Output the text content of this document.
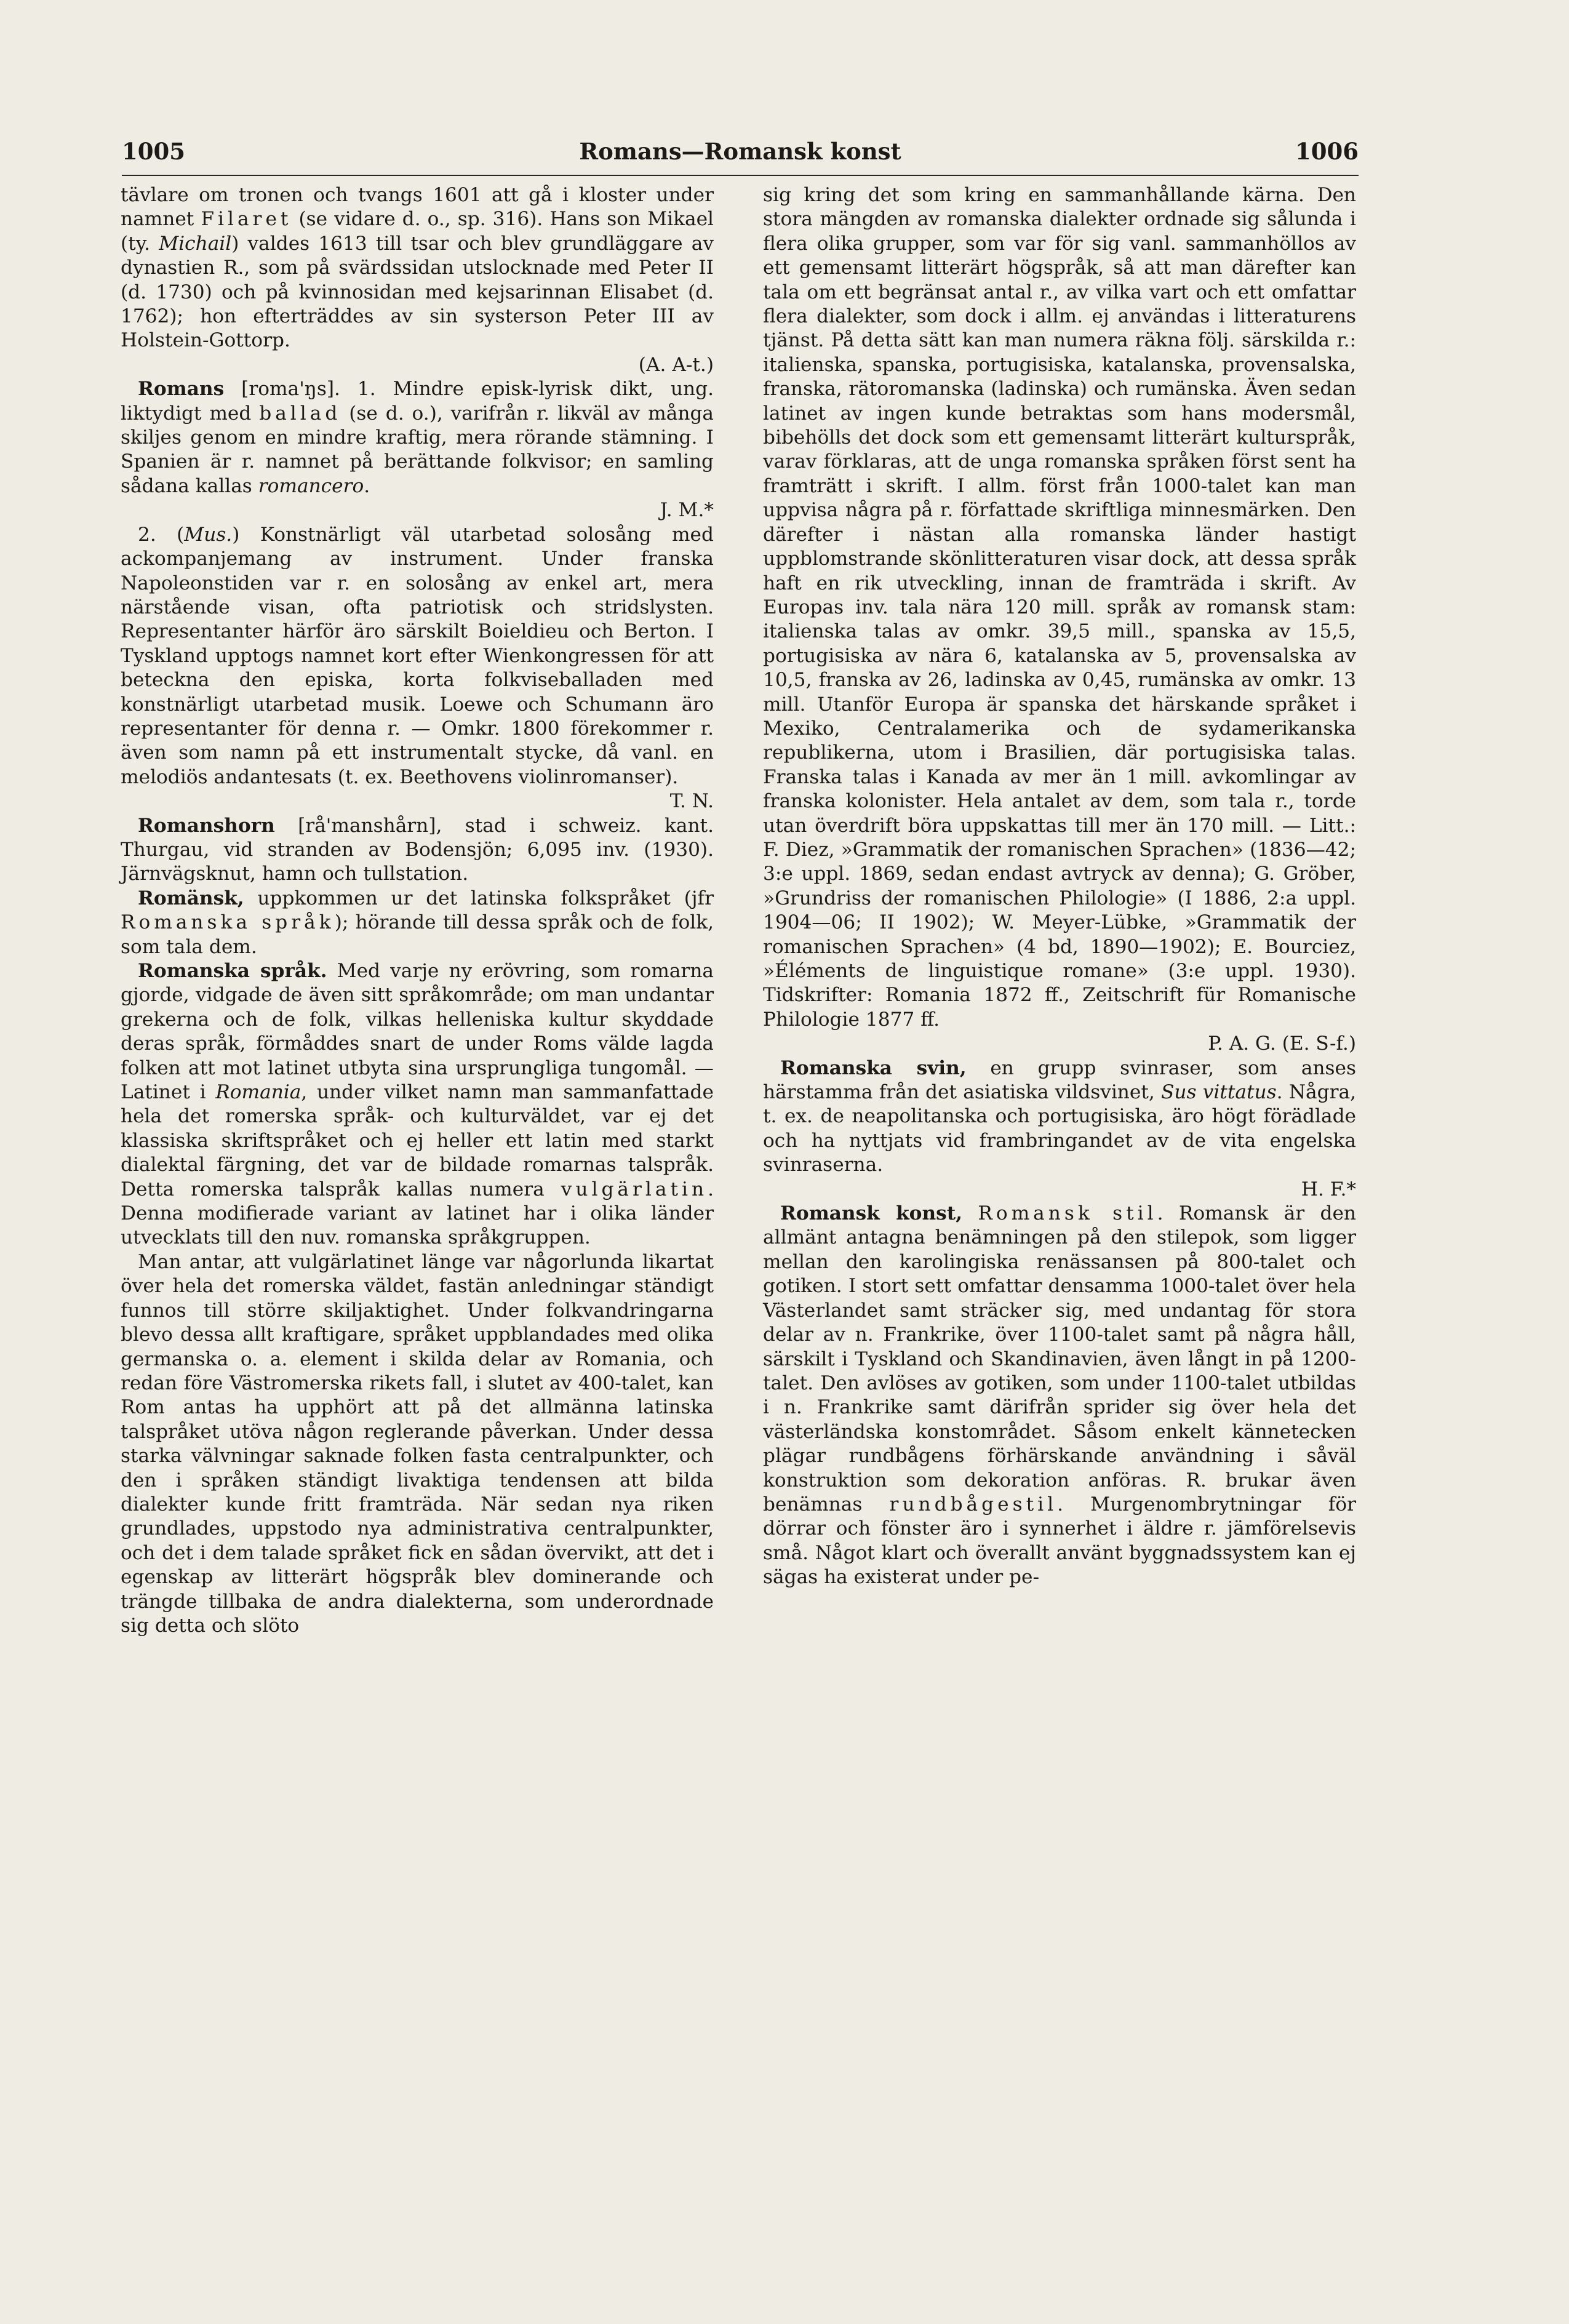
1005	Romans—Romansk konst	1006

tävlare om tronen och tvangs 1601 att gå i kloster under namnet Filaret (se vidare d. o., sp. 316). Hans son Mikael (ty. Michail) valdes 1613 till tsar och blev grundläggare av dynastien R., som på svärdssidan utslocknade med Peter II (d. 1730) och på kvinnosidan med kejsarinnan Elisabet (d. 1762); hon efterträddes av sin systerson Peter III av Holstein-Gottorp.

(A. A-t.)

Romans [roma'ŋs]. 1. Mindre episk-lyrisk dikt, ung. liktydigt med ballad (se d. o.), varifrån r. likväl av många skiljes genom en mindre kraftig, mera rörande stämning. I Spanien är r. namnet på berättande folkvisor; en samling sådana kallas romancero.

J. M.*

2. (Mus.) Konstnärligt väl utarbetad solosång med ackompanjemang av instrument. Under franska Napoleonstiden var r. en solosång av enkel art, mera närstående visan, ofta patriotisk och stridslysten. Representanter härför äro särskilt Boieldieu och Berton. I Tyskland upptogs namnet kort efter Wienkongressen för att beteckna den episka, korta folkviseballaden med konstnärligt utarbetad musik. Loewe och Schumann äro representanter för denna r. — Omkr. 1800 förekommer r. även som namn på ett instrumentalt stycke, då vanl. en melodiös andantesats (t. ex. Beethovens violinromanser).

T. N.

Romanshorn [rå'manshårn], stad i schweiz. kant. Thurgau, vid stranden av Bodensjön; 6,095 inv. (1930). Järnvägsknut, hamn och tullstation.

Romänsk, uppkommen ur det latinska folkspråket (jfr Romanska språk); hörande till dessa språk och de folk, som tala dem.

Romanska språk. Med varje ny erövring, som romarna gjorde, vidgade de även sitt språkområde; om man undantar grekerna och de folk, vilkas helleniska kultur skyddade deras språk, förmåddes snart de under Roms välde lagda folken att mot latinet utbyta sina ursprungliga tungomål. — Latinet i Romania, under vilket namn man sammanfattade hela det romerska språk- och kulturväldet, var ej det klassiska skriftspråket och ej heller ett latin med starkt dialektal färgning, det var de bildade romarnas talspråk. Detta romerska talspråk kallas numera vulgärlatin. Denna modifierade variant av latinet har i olika länder utvecklats till den nuv. romanska språkgruppen.

Man antar, att vulgärlatinet länge var någorlunda likartat över hela det romerska väldet, fastän anledningar ständigt funnos till större skiljaktighet. Under folkvandringarna blevo dessa allt kraftigare, språket uppblandades med olika germanska o. a. element i skilda delar av Romania, och redan före Västromerska rikets fall, i slutet av 400-talet, kan Rom antas ha upphört att på det allmänna latinska talspråket utöva någon reglerande påverkan. Under dessa starka välvningar saknade folken fasta centralpunkter, och den i språken ständigt livaktiga tendensen att bilda dialekter kunde fritt framträda. När sedan nya riken grundlades, uppstodo nya administrativa centralpunkter, och det i dem talade språket fick en sådan övervikt, att det i egenskap av litterärt högspråk blev dominerande och trängde tillbaka de andra dialekterna, som underordnade sig detta och slöto

sig kring det som kring en sammanhållande kärna. Den stora mängden av romanska dialekter ordnade sig sålunda i flera olika grupper, som var för sig vanl. sammanhöllos av ett gemensamt litterärt högspråk, så att man därefter kan tala om ett begränsat antal r., av vilka vart och ett omfattar flera dialekter, som dock i allm. ej användas i litteraturens tjänst. På detta sätt kan man numera räkna följ. särskilda r.: italienska, spanska, portugisiska, katalanska, provensalska, franska, rätoromanska (ladinska) och rumänska. Även sedan latinet av ingen kunde betraktas som hans modersmål, bibehölls det dock som ett gemensamt litterärt kulturspråk, varav förklaras, att de unga romanska språken först sent ha framträtt i skrift. I allm. först från 1000-talet kan man uppvisa några på r. författade skriftliga minnesmärken. Den därefter i nästan alla romanska länder hastigt uppblomstrande skönlitteraturen visar dock, att dessa språk haft en rik utveckling, innan de framträda i skrift. Av Europas inv. tala nära 120 mill. språk av romansk stam: italienska talas av omkr. 39,5 mill., spanska av 15,5, portugisiska av nära 6, katalanska av 5, provensalska av 10,5, franska av 26, ladinska av 0,45, rumänska av omkr. 13 mill. Utanför Europa är spanska det härskande språket i Mexiko, Centralamerika och de sydamerikanska republikerna, utom i Brasilien, där portugisiska talas. Franska talas i Kanada av mer än 1 mill. avkomlingar av franska kolonister. Hela antalet av dem, som tala r., torde utan överdrift böra uppskattas till mer än 170 mill. — Litt.: F. Diez, »Grammatik der romanischen Sprachen» (1836—42; 3:e uppl. 1869, sedan endast avtryck av denna); G. Gröber, »Grundriss der romanischen Philologie» (I 1886, 2:a uppl. 1904—06; II 1902); W. Meyer-Lübke, »Grammatik der romanischen Sprachen» (4 bd, 1890—1902); E. Bourciez, »Éléments de linguistique romane» (3:e uppl. 1930). Tidskrifter: Romania 1872 ff., Zeitschrift für Romanische Philologie 1877 ff.

P. A. G. (E. S-f.)

Romanska svin, en grupp svinraser, som anses härstamma från det asiatiska vildsvinet, Sus vittatus. Några, t. ex. de neapolitanska och portugisiska, äro högt förädlade och ha nyttjats vid frambringandet av de vita engelska svinraserna.

H. F.*

Romansk konst, Romansk stil. Romansk är den allmänt antagna benämningen på den stilepok, som ligger mellan den karolingiska renässansen på 800-talet och gotiken. I stort sett omfattar densamma 1000-talet över hela Västerlandet samt sträcker sig, med undantag för stora delar av n. Frankrike, över 1100-talet samt på några håll, särskilt i Tyskland och Skandinavien, även långt in på 1200-talet. Den avlöses av gotiken, som under 1100-talet utbildas i n. Frankrike samt därifrån sprider sig över hela det västerländska konstområdet. Såsom enkelt kännetecken plägar rundbågens förhärskande användning i såväl konstruktion som dekoration anföras. R. brukar även benämnas rundbågestil. Murgenombrytningar för dörrar och fönster äro i synnerhet i äldre r. jämförelsevis små. Något klart och överallt använt byggnadssystem kan ej sägas ha existerat under pe-
